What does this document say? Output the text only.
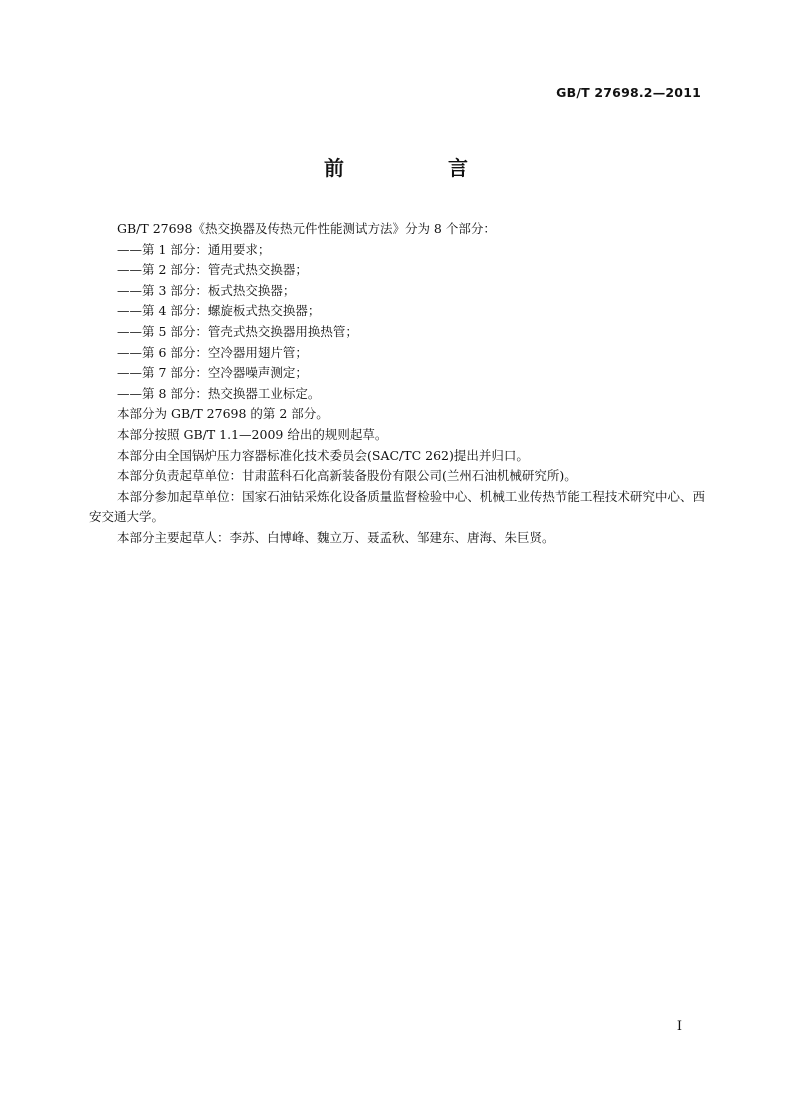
GB/T 27698.2—2011
前　言

GB/T 27698《热交换器及传热元件性能测试方法》分为 8 个部分：

——第 1 部分：通用要求；

——第 2 部分：管壳式热交换器；

——第 3 部分：板式热交换器；

——第 4 部分：螺旋板式热交换器；

——第 5 部分：管壳式热交换器用换热管；

——第 6 部分：空冷器用翅片管；

——第 7 部分：空冷器噪声测定；

——第 8 部分：热交换器工业标定。

本部分为 GB/T 27698 的第 2 部分。

本部分按照 GB/T 1.1—2009 给出的规则起草。

本部分由全国锅炉压力容器标准化技术委员会(SAC/TC 262)提出并归口。

本部分负责起草单位：甘肃蓝科石化高新装备股份有限公司(兰州石油机械研究所)。

本部分参加起草单位：国家石油钻采炼化设备质量监督检验中心、机械工业传热节能工程技术研究中心、西安交通大学。

本部分主要起草人：李苏、白博峰、魏立万、聂孟秋、邹建东、唐海、朱巨贤。

I
